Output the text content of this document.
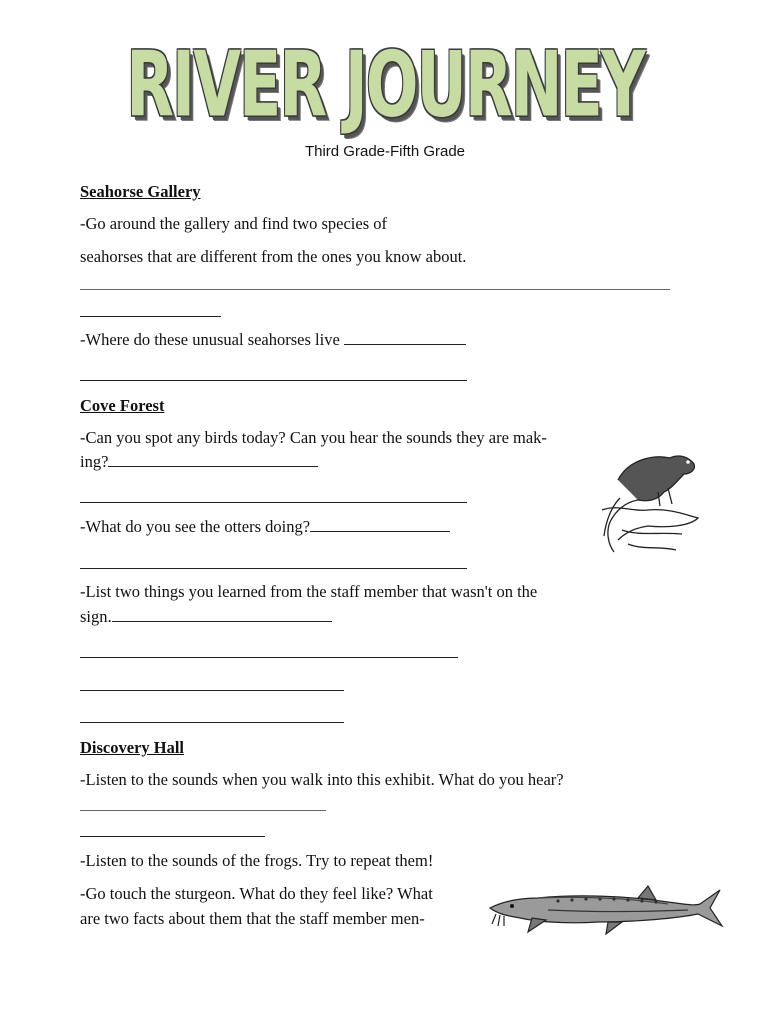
RIVER JOURNEY
Third Grade-Fifth Grade
Seahorse Gallery
-Go around the gallery and find two species of
seahorses that are different from the ones you know about.
-Where do these unusual seahorses live
Cove Forest
-Can you spot any birds today? Can you hear the sounds they are mak-
ing?
-What do you see the otters doing?
-List two things you learned from the staff member that wasn't on the
sign.
Discovery Hall
-Listen to the sounds when you walk into this exhibit. What do you hear?
-Listen to the sounds of the frogs. Try to repeat them!
-Go touch the sturgeon. What do they feel like? What
are two facts about them that the staff member men-
